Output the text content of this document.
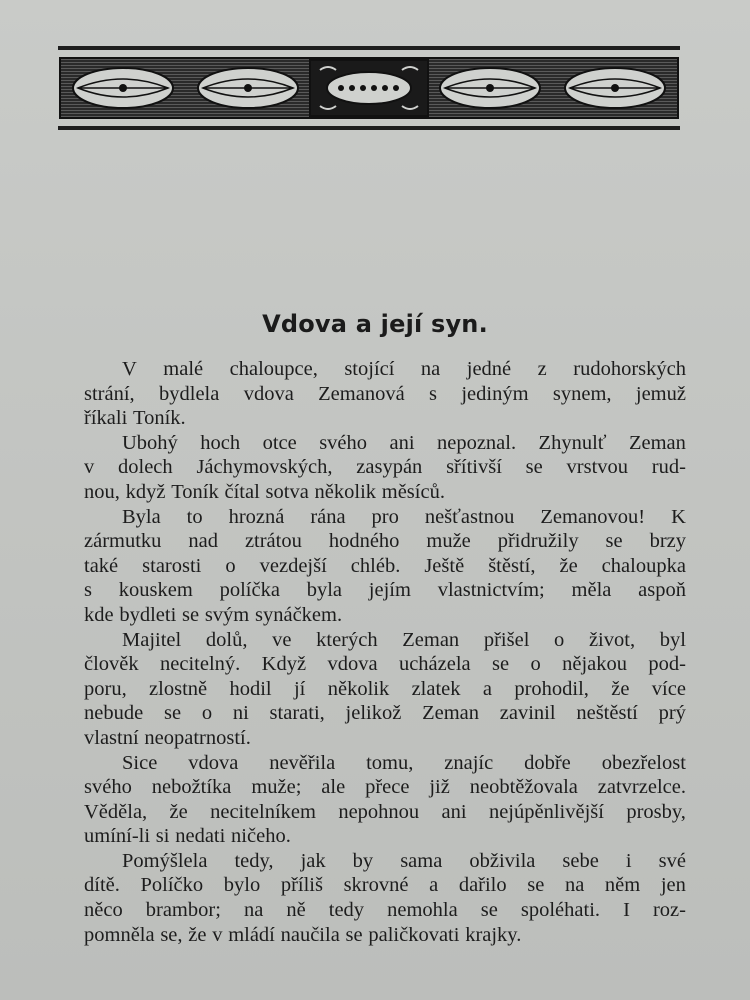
Vdova a její syn.
V malé chaloupce, stojící na jedné z rudohorských
strání, bydlela vdova Zemanová s jediným synem, jemuž
říkali Toník.
Ubohý hoch otce svého ani nepoznal. Zhynulť Zeman
v dolech Jáchymovských, zasypán sřítivší se vrstvou rud-
nou, když Toník čítal sotva několik měsíců.
Byla to hrozná rána pro nešťastnou Zemanovou! K
zármutku nad ztrátou hodného muže přidružily se brzy
také starosti o vezdejší chléb. Ještě štěstí, že chaloupka
s kouskem políčka byla jejím vlastnictvím; měla aspoň
kde bydleti se svým synáčkem.
Majitel dolů, ve kterých Zeman přišel o život, byl
člověk necitelný. Když vdova ucházela se o nějakou pod-
poru, zlostně hodil jí několik zlatek a prohodil, že více
nebude se o ni starati, jelikož Zeman zavinil neštěstí prý
vlastní neopatrností.
Sice vdova nevěřila tomu, znajíc dobře obezřelost
svého nebožtíka muže; ale přece již neobtěžovala zatvrzelce.
Věděla, že necitelníkem nepohnou ani nejúpěnlivější prosby,
umíní-li si nedati ničeho.
Pomýšlela tedy, jak by sama obživila sebe i své
dítě. Políčko bylo příliš skrovné a dařilo se na něm jen
něco brambor; na ně tedy nemohla se spoléhati. I roz-
pomněla se, že v mládí naučila se paličkovati krajky.
